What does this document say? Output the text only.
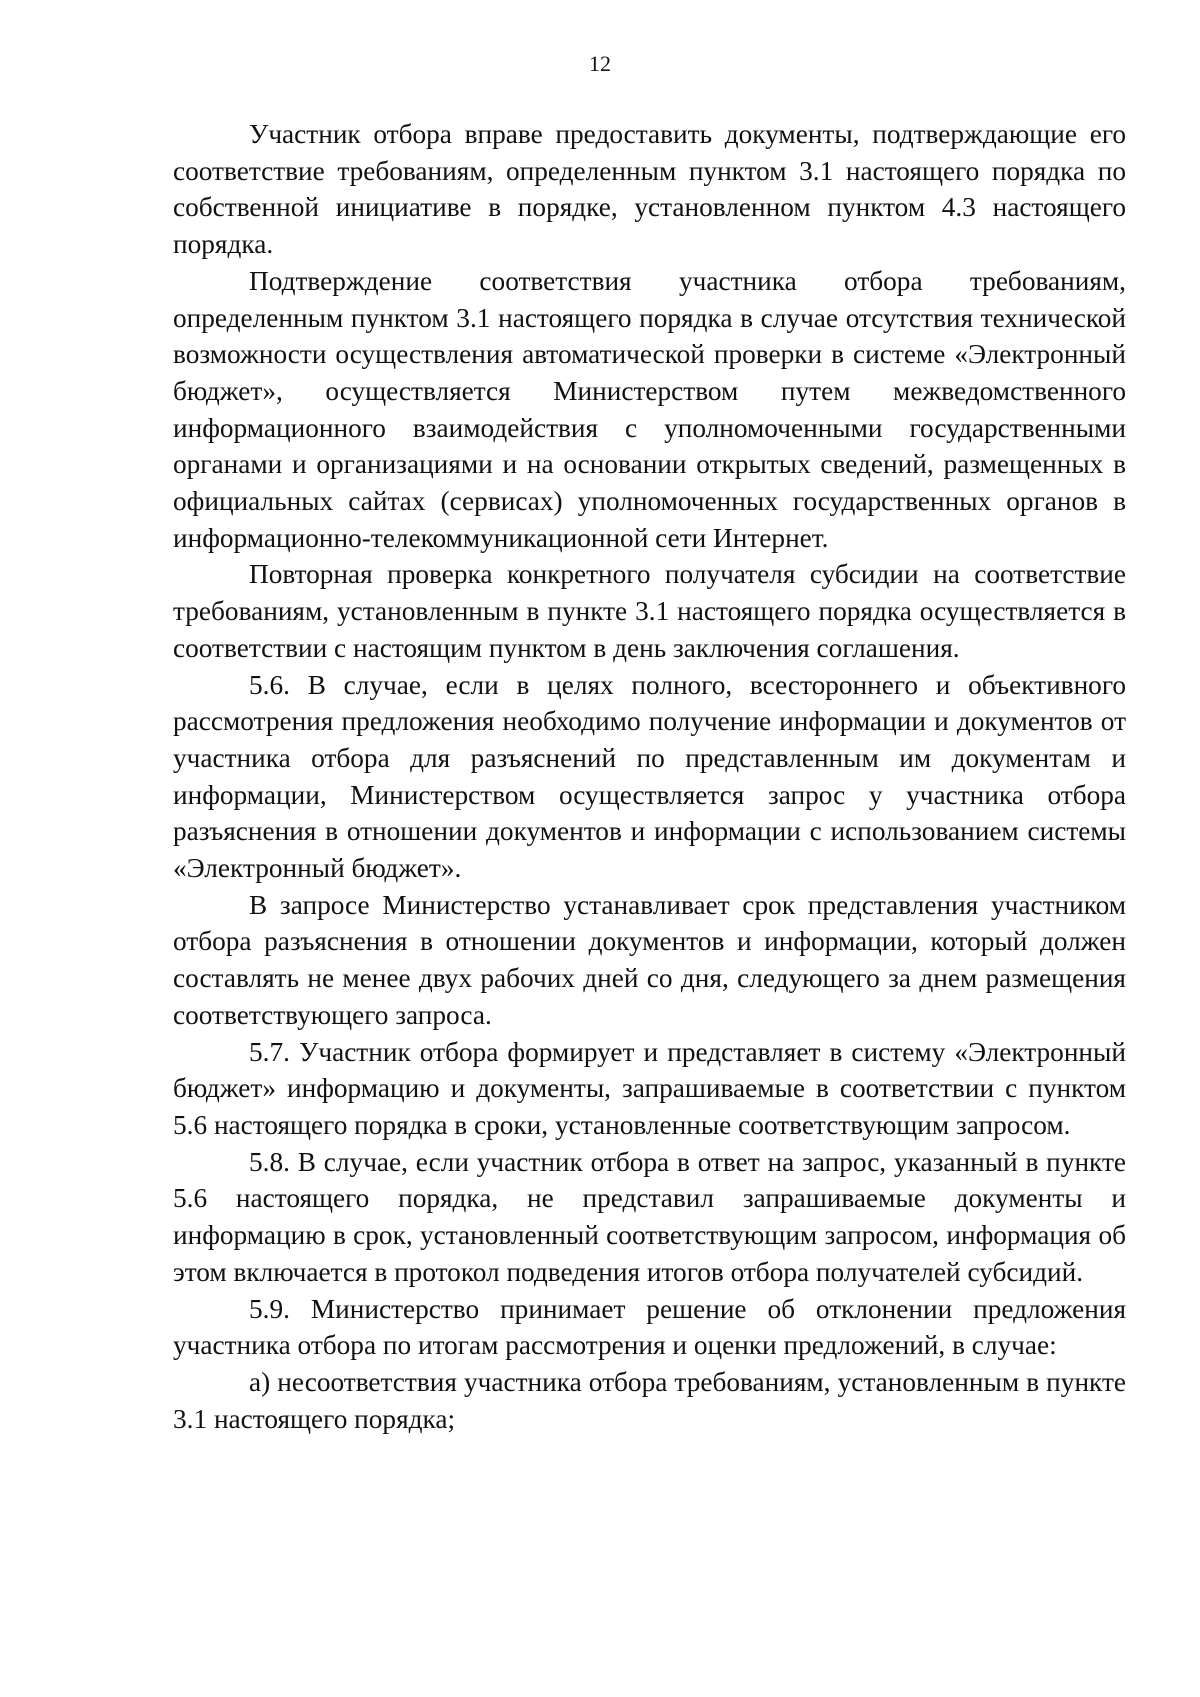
12

Участник отбора вправе предоставить документы, подтверждающие его соответствие требованиям, определенным пунктом 3.1 настоящего порядка по собственной инициативе в порядке, установленном пунктом 4.3 настоящего порядка.

Подтверждение соответствия участника отбора требованиям, определенным пунктом 3.1 настоящего порядка в случае отсутствия технической возможности осуществления автоматической проверки в системе «Электронный бюджет», осуществляется Министерством путем межведомственного информационного взаимодействия с уполномоченными государственными органами и организациями и на основании открытых сведений, размещенных в официальных сайтах (сервисах) уполномоченных государственных органов в информационно-телекоммуникационной сети Интернет.

Повторная проверка конкретного получателя субсидии на соответствие требованиям, установленным в пункте 3.1 настоящего порядка осуществляется в соответствии с настоящим пунктом в день заключения соглашения.

5.6. В случае, если в целях полного, всестороннего и объективного рассмотрения предложения необходимо получение информации и документов от участника отбора для разъяснений по представленным им документам и информации, Министерством осуществляется запрос у участника отбора разъяснения в отношении документов и информации с использованием системы «Электронный бюджет».

В запросе Министерство устанавливает срок представления участником отбора разъяснения в отношении документов и информации, который должен составлять не менее двух рабочих дней со дня, следующего за днем размещения соответствующего запроса.

5.7. Участник отбора формирует и представляет в систему «Электронный бюджет» информацию и документы, запрашиваемые в соответствии с пунктом 5.6 настоящего порядка в сроки, установленные соответствующим запросом.

5.8. В случае, если участник отбора в ответ на запрос, указанный в пункте 5.6 настоящего порядка, не представил запрашиваемые документы и информацию в срок, установленный соответствующим запросом, информация об этом включается в протокол подведения итогов отбора получателей субсидий.

5.9. Министерство принимает решение об отклонении предложения участника отбора по итогам рассмотрения и оценки предложений, в случае:

а) несоответствия участника отбора требованиям, установленным в пункте 3.1 настоящего порядка;
